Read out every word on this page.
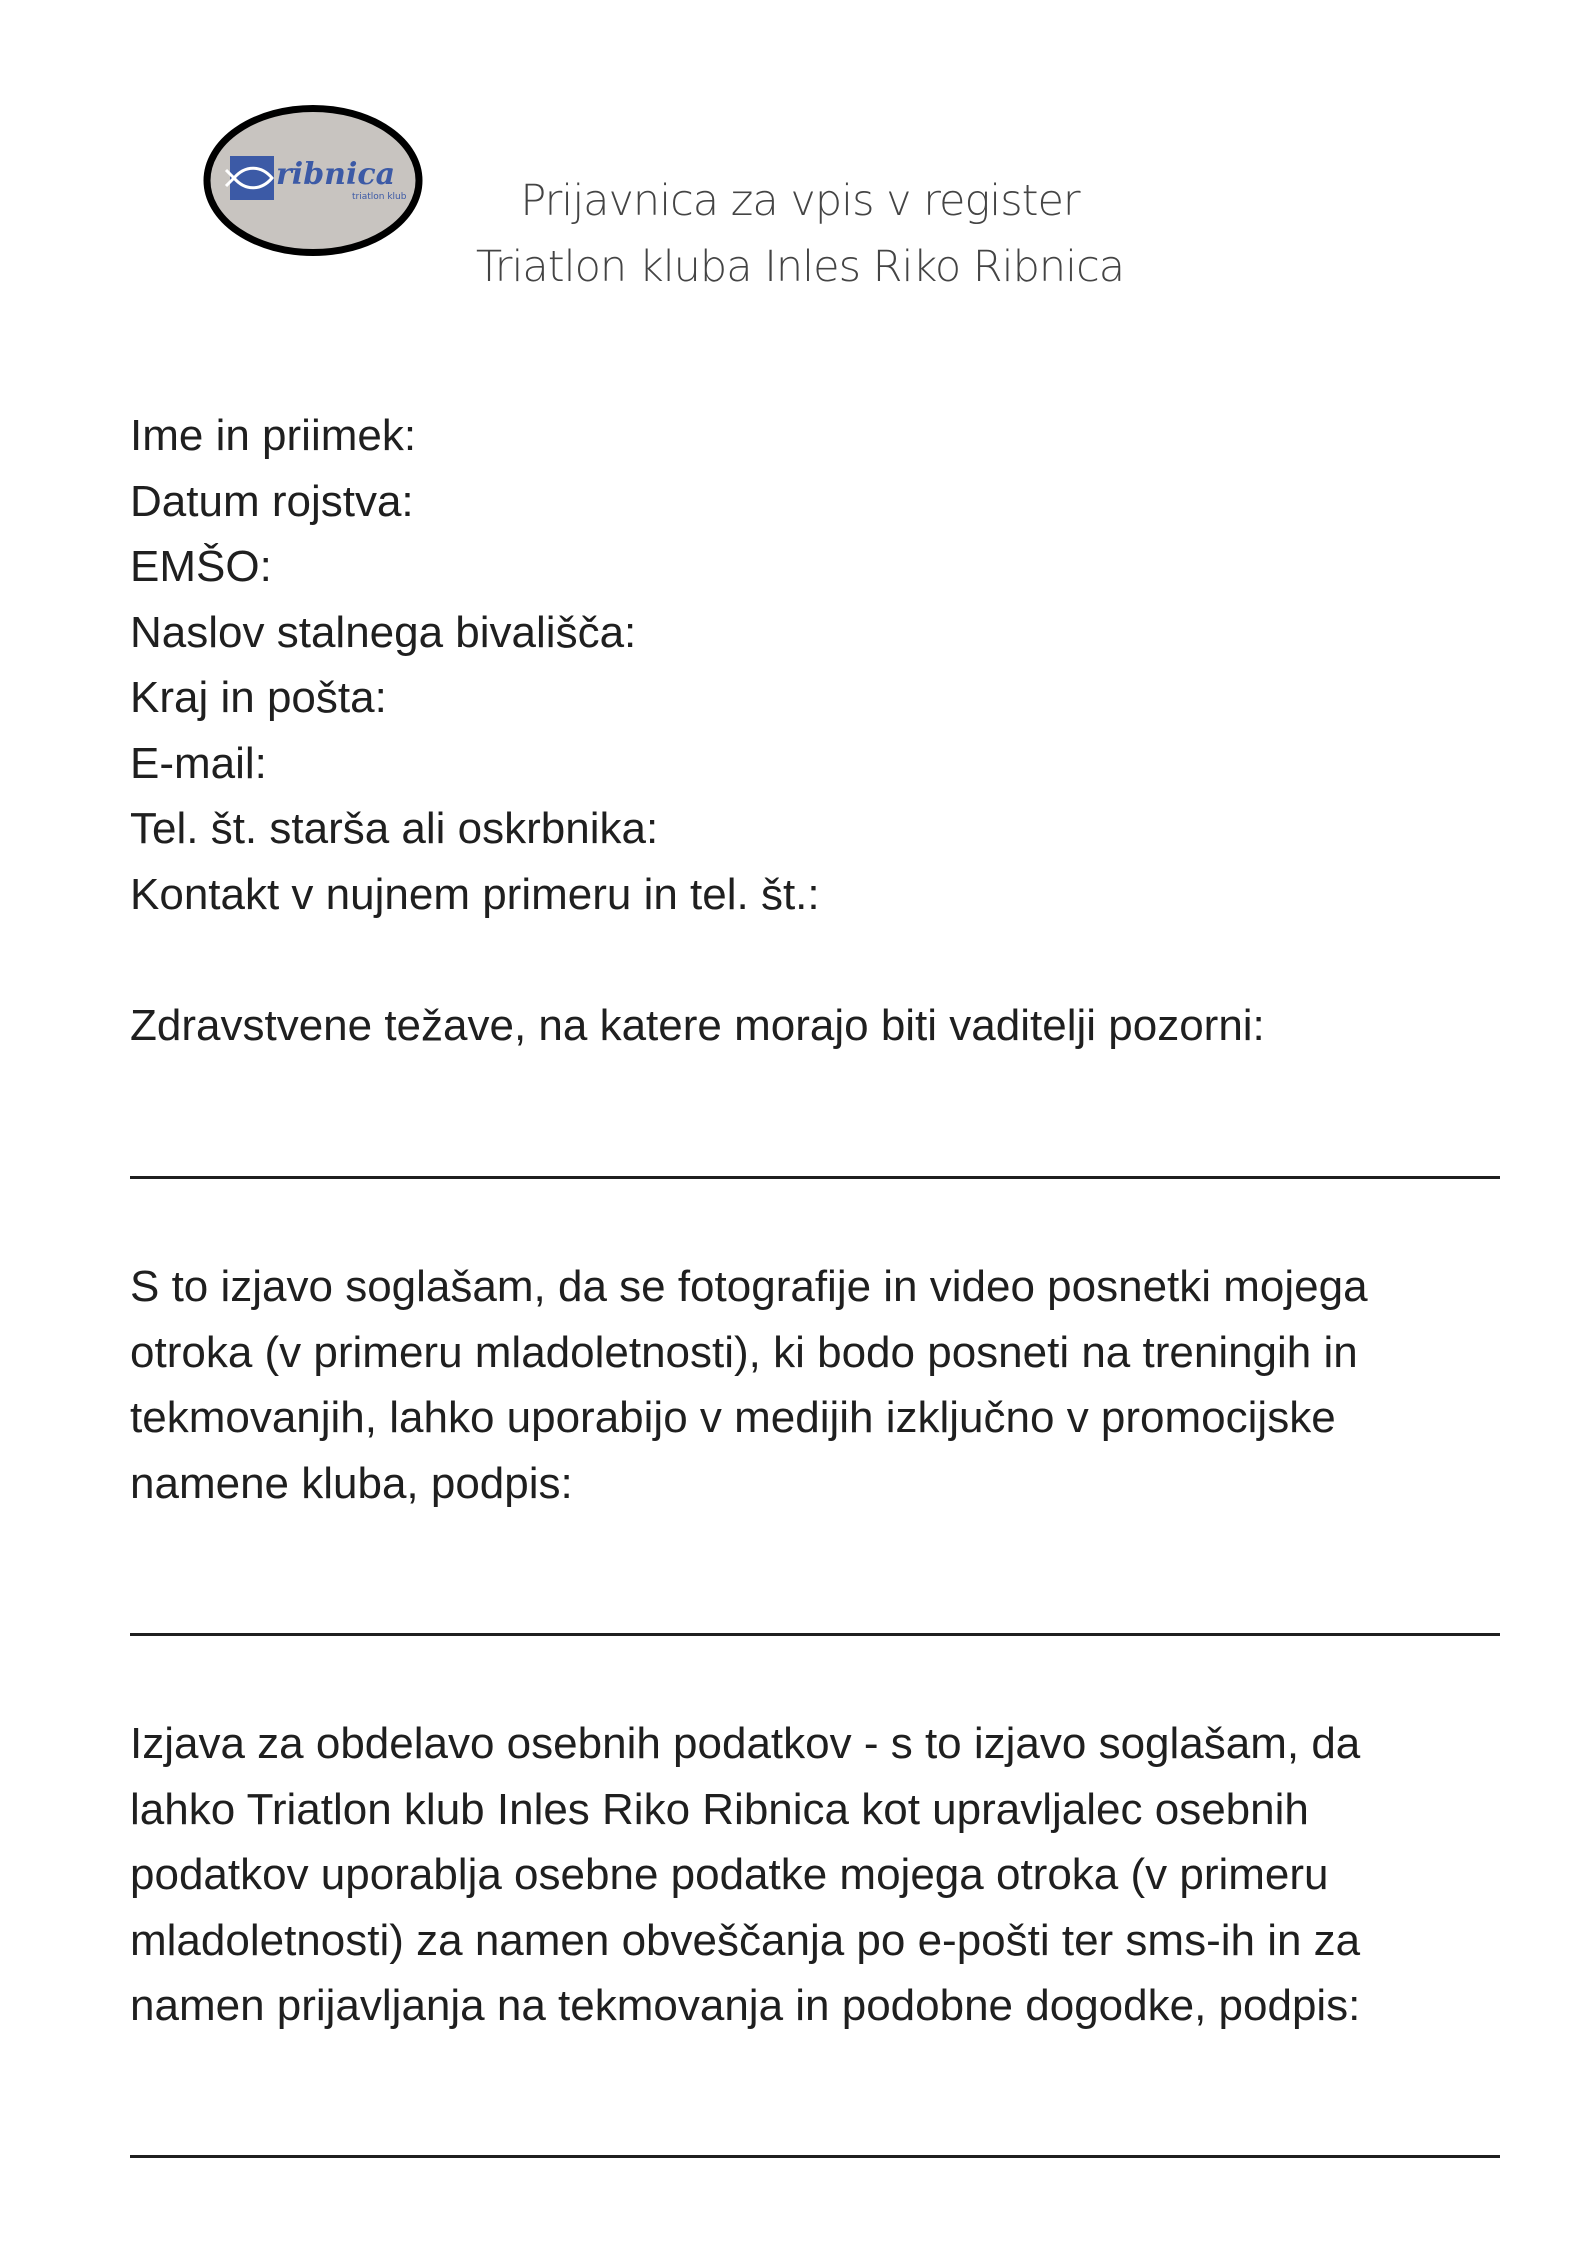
ribnica
triatlon klub	Prijavnica za vpis v register
Triatlon kluba Inles Riko Ribnica
Ime in priimek:
Datum rojstva:
EMŠO:
Naslov stalnega bivališča:
Kraj in pošta:
E-mail:
Tel. št. starša ali oskrbnika:
Kontakt v nujnem primeru in tel. št.:
Zdravstvene težave, na katere morajo biti vaditelji pozorni:
S to izjavo soglašam, da se fotografije in video posnetki mojega
otroka (v primeru mladoletnosti), ki bodo posneti na treningih in
tekmovanjih, lahko uporabijo v medijih izključno v promocijske
namene kluba, podpis:
Izjava za obdelavo osebnih podatkov - s to izjavo soglašam, da
lahko Triatlon klub Inles Riko Ribnica kot upravljalec osebnih
podatkov uporablja osebne podatke mojega otroka (v primeru
mladoletnosti) za namen obveščanja po e-pošti ter sms-ih in za
namen prijavljanja na tekmovanja in podobne dogodke, podpis:
